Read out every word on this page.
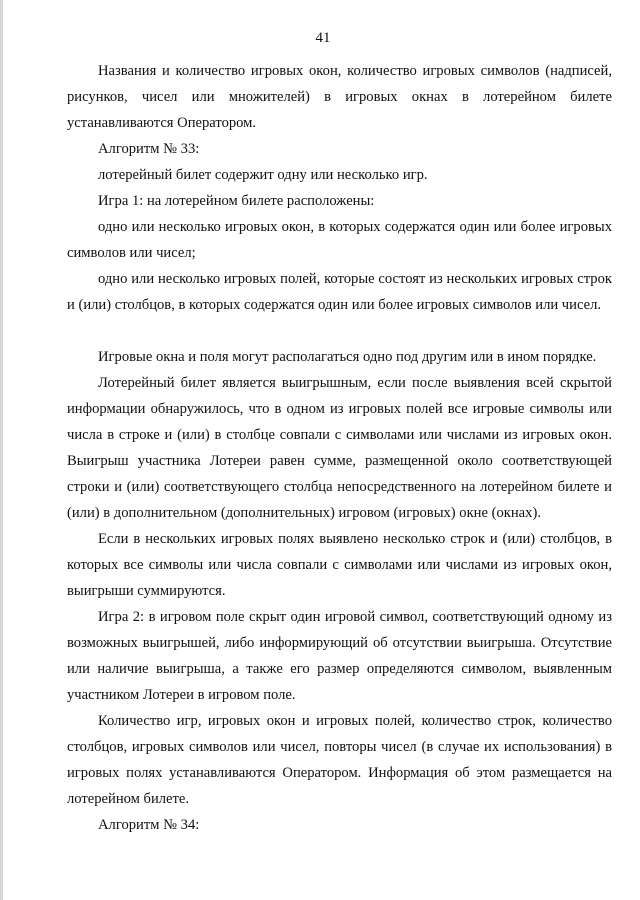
41

Названия и количество игровых окон, количество игровых символов (надписей, рисунков, чисел или множителей) в игровых окнах в лотерейном билете устанавливаются Оператором.

Алгоритм № 33:

лотерейный билет содержит одну или несколько игр.

Игра 1: на лотерейном билете расположены:

одно или несколько игровых окон, в которых содержатся один или более игровых символов или чисел;

одно или несколько игровых полей, которые состоят из нескольких игровых строк и (или) столбцов, в которых содержатся один или более игровых символов или чисел.

Игровые окна и поля могут располагаться одно под другим или в ином порядке.

Лотерейный билет является выигрышным, если после выявления всей скрытой информации обнаружилось, что в одном из игровых полей все игровые символы или числа в строке и (или) в столбце совпали с символами или числами из игровых окон. Выигрыш участника Лотереи равен сумме, размещенной около соответствующей строки и (или) соответствующего столбца непосредственного на лотерейном билете и (или) в дополнительном (дополнительных) игровом (игровых) окне (окнах).

Если в нескольких игровых полях выявлено несколько строк и (или) столбцов, в которых все символы или числа совпали с символами или числами из игровых окон, выигрыши суммируются.

Игра 2: в игровом поле скрыт один игровой символ, соответствующий одному из возможных выигрышей, либо информирующий об отсутствии выигрыша. Отсутствие или наличие выигрыша, а также его размер определяются символом, выявленным участником Лотереи в игровом поле.

Количество игр, игровых окон и игровых полей, количество строк, количество столбцов, игровых символов или чисел, повторы чисел (в случае их использования) в игровых полях устанавливаются Оператором. Информация об этом размещается на лотерейном билете.

Алгоритм № 34:
